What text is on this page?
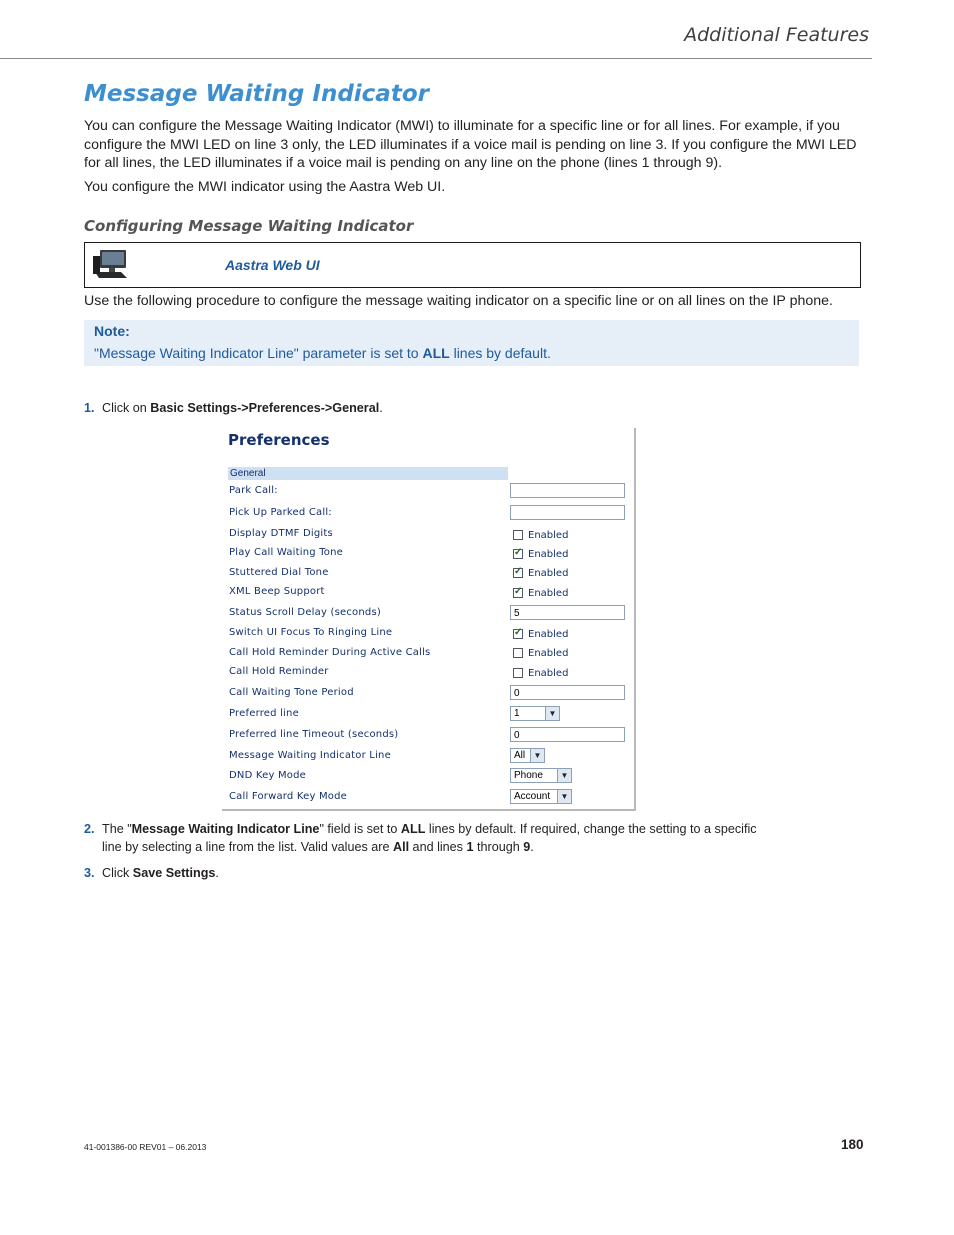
Additional Features
Message Waiting Indicator
You can configure the Message Waiting Indicator (MWI) to illuminate for a specific line or for all lines. For example, if you
configure the MWI LED on line 3 only, the LED illuminates if a voice mail is pending on line 3. If you configure the MWI LED
for all lines, the LED illuminates if a voice mail is pending on any line on the phone (lines 1 through 9).
You configure the MWI indicator using the Aastra Web UI.
Configuring Message Waiting Indicator
Aastra Web UI
Use the following procedure to configure the message waiting indicator on a specific line or on all lines on the IP phone.
Note:
"Message Waiting Indicator Line" parameter is set to ALL lines by default.
1. Click on Basic Settings->Preferences->General.
Preferences
General
Park Call:
Pick Up Parked Call:
Display DTMF Digits	Enabled
Play Call Waiting Tone ✓	Enabled
Stuttered Dial Tone ✓	Enabled
XML Beep Support ✓	Enabled
Status Scroll Delay (seconds)	5
Switch UI Focus To Ringing Line ✓	Enabled
Call Hold Reminder During Active Calls	Enabled
Call Hold Reminder	Enabled
Call Waiting Tone Period	0
Preferred line	1	▼
Preferred line Timeout (seconds)	0
Message Waiting Indicator Line	All	▼
DND Key Mode	Phone	▼
Call Forward Key Mode	Account	▼
2. The "Message Waiting Indicator Line" field is set to ALL lines by default. If required, change the setting to a specific
line by selecting a line from the list. Valid values are All and lines 1 through 9.
3. Click Save Settings.
41-001386-00 REV01 – 06.2013	180
